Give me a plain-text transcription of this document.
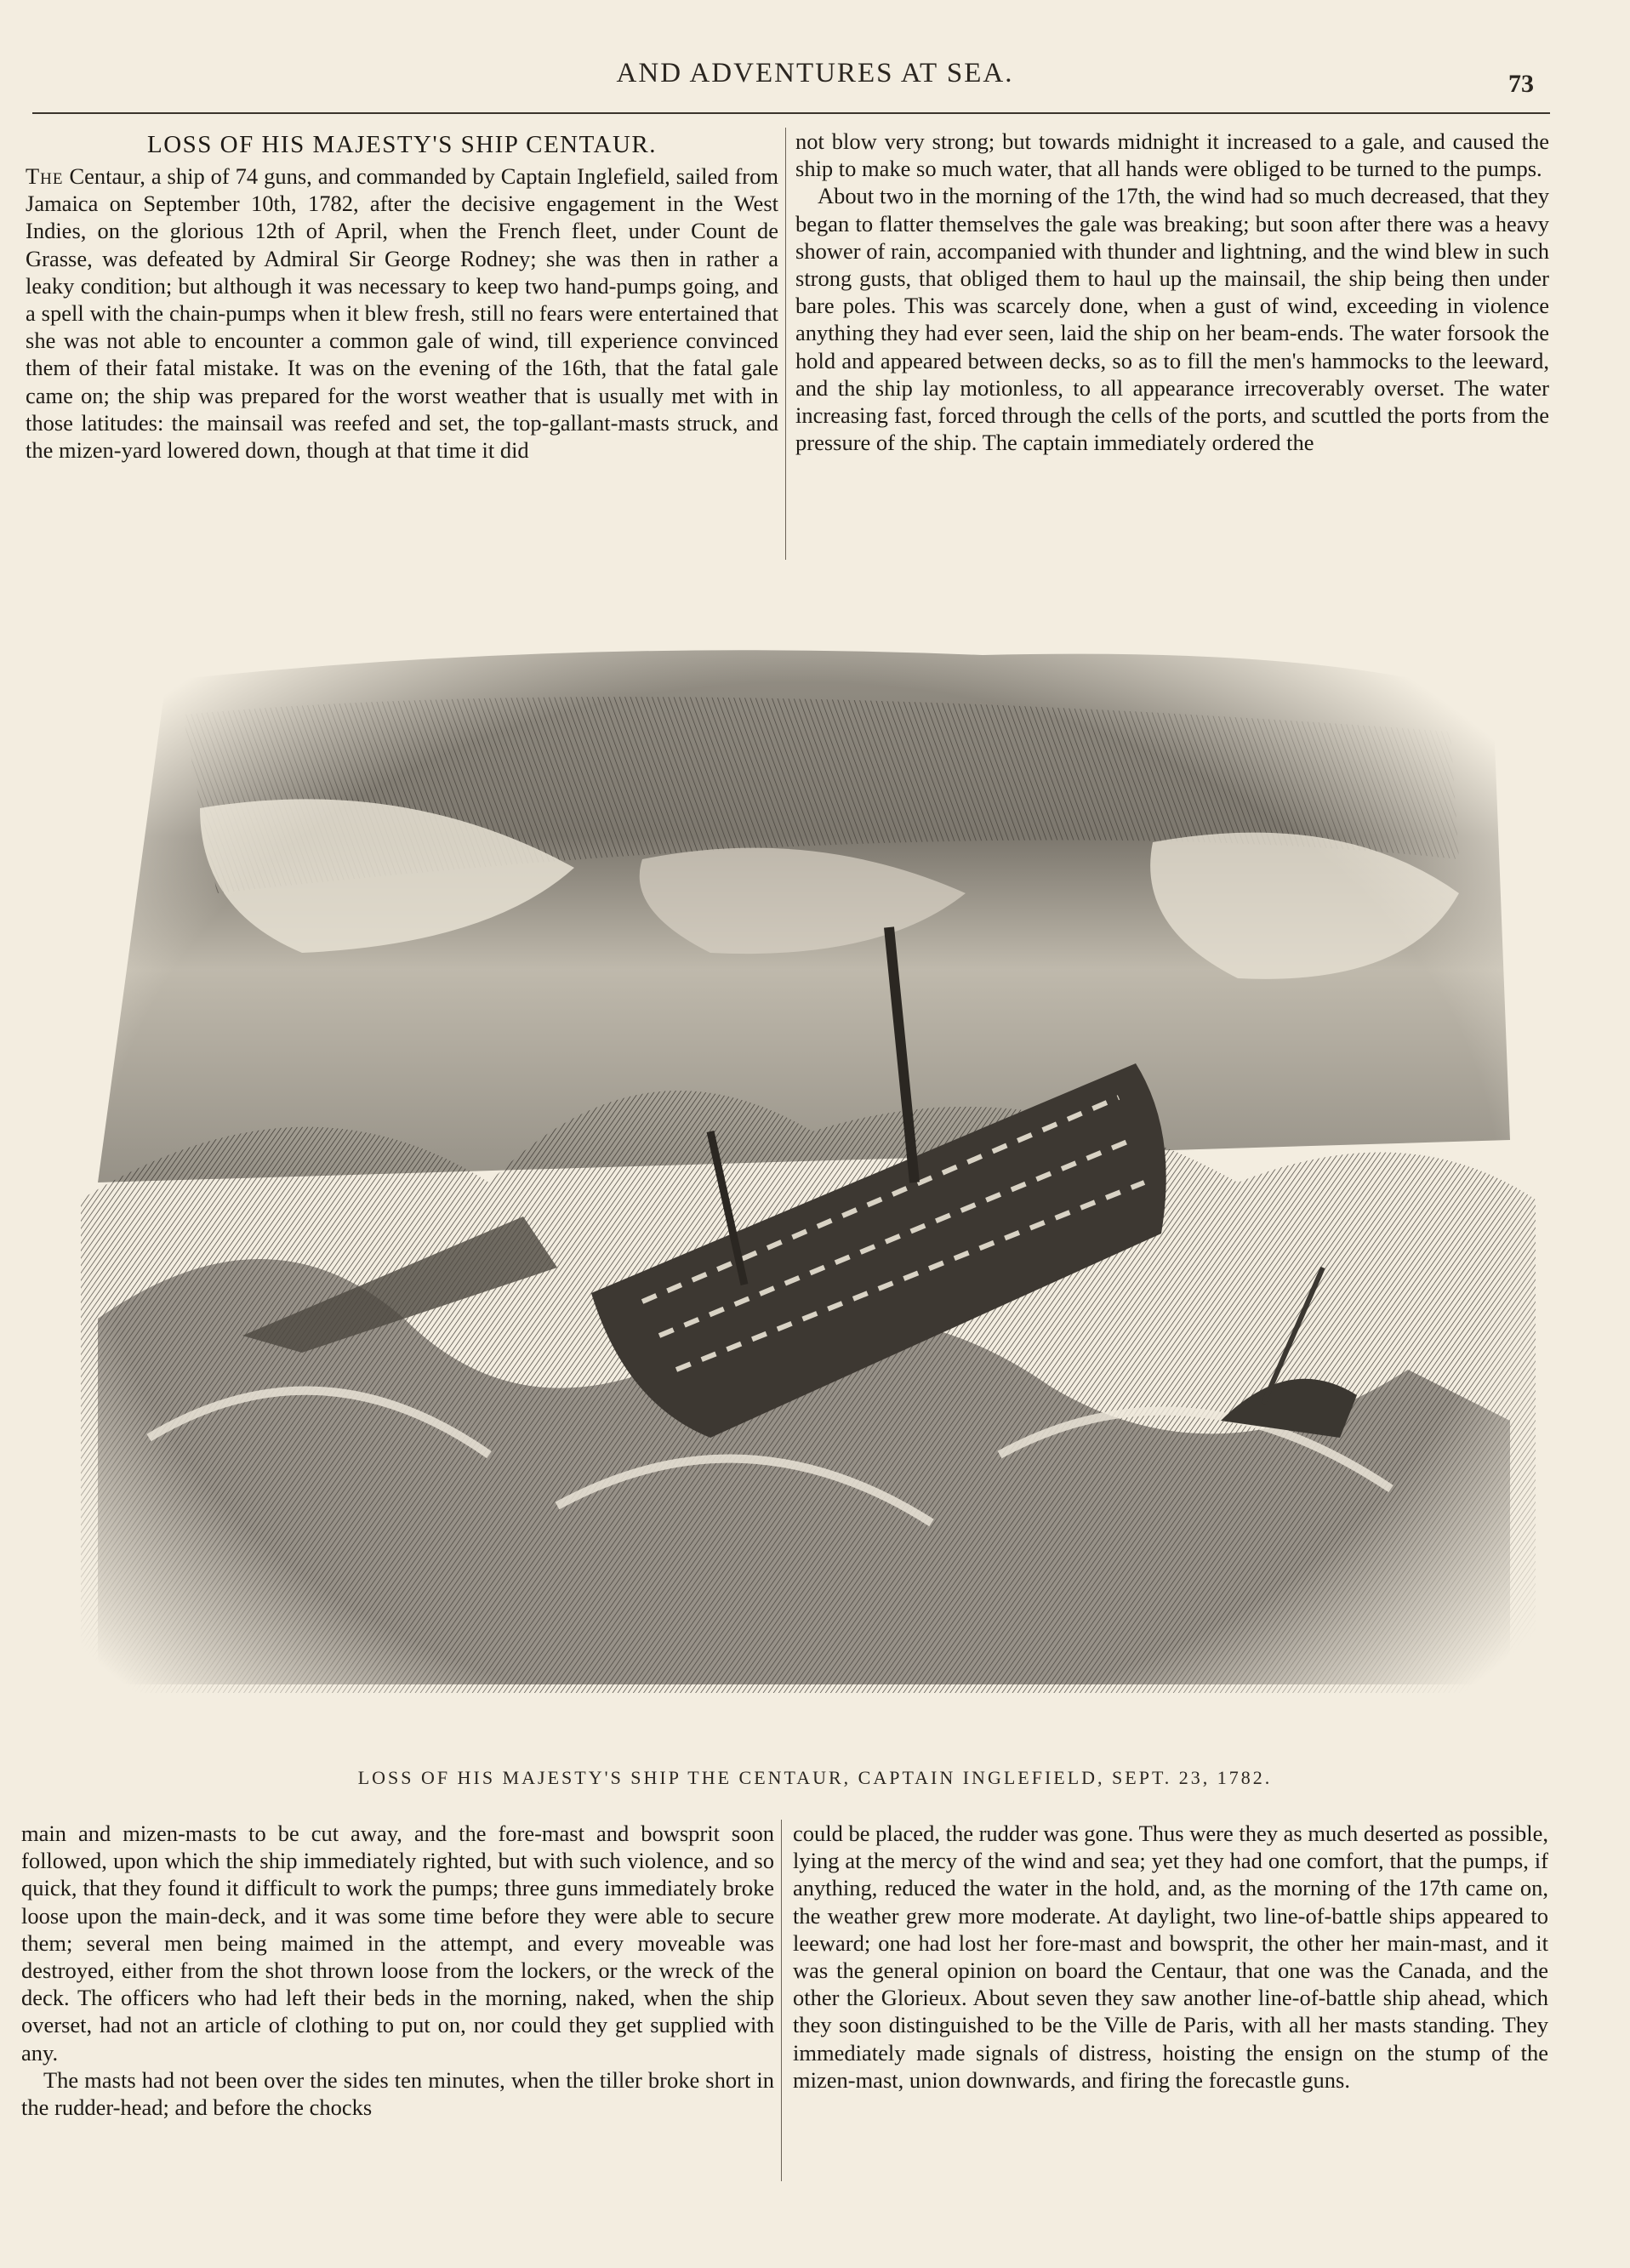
AND ADVENTURES AT SEA.	73
LOSS OF HIS MAJESTY'S SHIP CENTAUR.

The Centaur, a ship of 74 guns, and commanded by Captain Inglefield, sailed from Jamaica on September 10th, 1782, after the decisive engagement in the West Indies, on the glorious 12th of April, when the French fleet, under Count de Grasse, was defeated by Admiral Sir George Rodney; she was then in rather a leaky condition; but although it was necessary to keep two hand-pumps going, and a spell with the chain-pumps when it blew fresh, still no fears were entertained that she was not able to encounter a common gale of wind, till experience convinced them of their fatal mistake. It was on the evening of the 16th, that the fatal gale came on; the ship was prepared for the worst weather that is usually met with in those latitudes: the mainsail was reefed and set, the top-gallant-masts struck, and the mizen-yard lowered down, though at that time it did

not blow very strong; but towards midnight it increased to a gale, and caused the ship to make so much water, that all hands were obliged to be turned to the pumps.

About two in the morning of the 17th, the wind had so much decreased, that they began to flatter themselves the gale was breaking; but soon after there was a heavy shower of rain, accompanied with thunder and lightning, and the wind blew in such strong gusts, that obliged them to haul up the mainsail, the ship being then under bare poles. This was scarcely done, when a gust of wind, exceeding in violence anything they had ever seen, laid the ship on her beam-ends. The water forsook the hold and appeared between decks, so as to fill the men's hammocks to the leeward, and the ship lay motionless, to all appearance irrecoverably overset. The water increasing fast, forced through the cells of the ports, and scuttled the ports from the pressure of the ship. The captain immediately ordered the

LOSS OF HIS MAJESTY'S SHIP THE CENTAUR, CAPTAIN INGLEFIELD, SEPT. 23, 1782.

main and mizen-masts to be cut away, and the fore-mast and bowsprit soon followed, upon which the ship immediately righted, but with such violence, and so quick, that they found it difficult to work the pumps; three guns immediately broke loose upon the main-deck, and it was some time before they were able to secure them; several men being maimed in the attempt, and every moveable was destroyed, either from the shot thrown loose from the lockers, or the wreck of the deck. The officers who had left their beds in the morning, naked, when the ship overset, had not an article of clothing to put on, nor could they get supplied with any.

The masts had not been over the sides ten minutes, when the tiller broke short in the rudder-head; and before the chocks

could be placed, the rudder was gone. Thus were they as much deserted as possible, lying at the mercy of the wind and sea; yet they had one comfort, that the pumps, if anything, reduced the water in the hold, and, as the morning of the 17th came on, the weather grew more moderate. At daylight, two line-of-battle ships appeared to leeward; one had lost her fore-mast and bowsprit, the other her main-mast, and it was the general opinion on board the Centaur, that one was the Canada, and the other the Glorieux. About seven they saw another line-of-battle ship ahead, which they soon distinguished to be the Ville de Paris, with all her masts standing. They immediately made signals of distress, hoisting the ensign on the stump of the mizen-mast, union downwards, and firing the forecastle guns.
